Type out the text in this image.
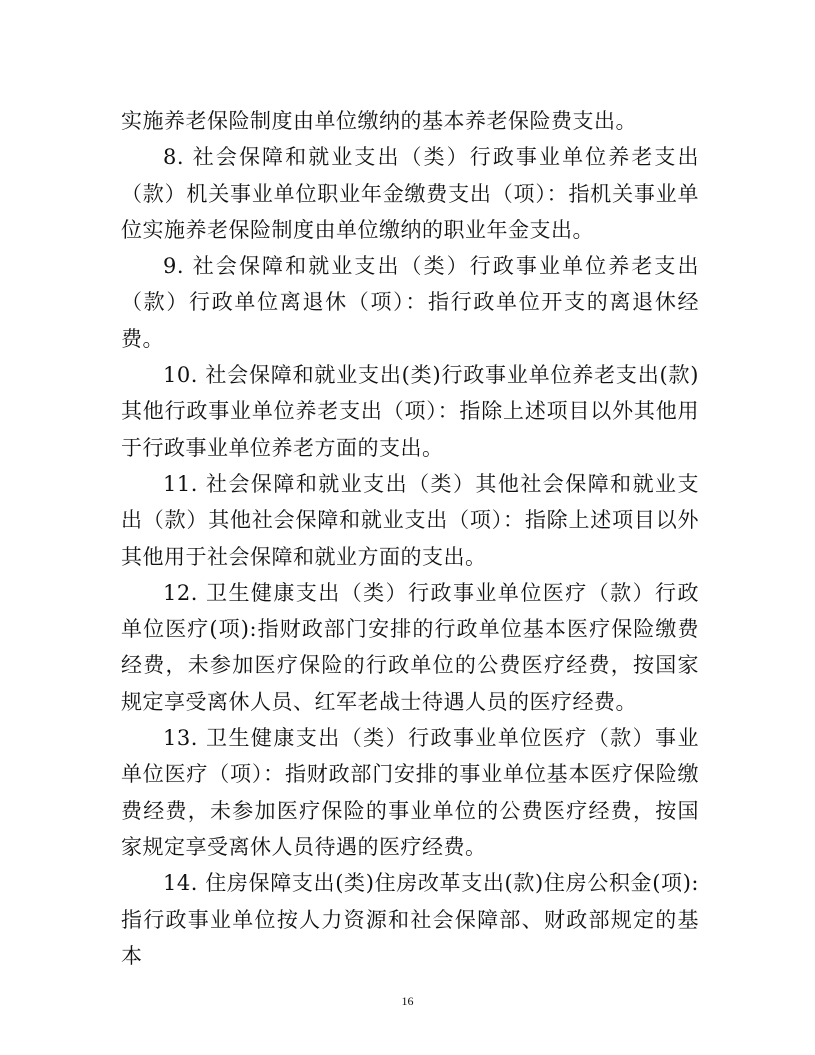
实施养老保险制度由单位缴纳的基本养老保险费支出。

8. 社会保障和就业支出（类）行政事业单位养老支出（款）机关事业单位职业年金缴费支出（项）：指机关事业单位实施养老保险制度由单位缴纳的职业年金支出。

9. 社会保障和就业支出（类）行政事业单位养老支出（款）行政单位离退休（项）：指行政单位开支的离退休经费。

10. 社会保障和就业支出(类)行政事业单位养老支出(款)其他行政事业单位养老支出（项）：指除上述项目以外其他用于行政事业单位养老方面的支出。

11. 社会保障和就业支出（类）其他社会保障和就业支出（款）其他社会保障和就业支出（项）：指除上述项目以外其他用于社会保障和就业方面的支出。

12. 卫生健康支出（类）行政事业单位医疗（款）行政单位医疗(项):指财政部门安排的行政单位基本医疗保险缴费经费，未参加医疗保险的行政单位的公费医疗经费，按国家规定享受离休人员、红军老战士待遇人员的医疗经费。

13. 卫生健康支出（类）行政事业单位医疗（款）事业单位医疗（项）：指财政部门安排的事业单位基本医疗保险缴费经费，未参加医疗保险的事业单位的公费医疗经费，按国家规定享受离休人员待遇的医疗经费。

14. 住房保障支出(类)住房改革支出(款)住房公积金(项):指行政事业单位按人力资源和社会保障部、财政部规定的基本

16
